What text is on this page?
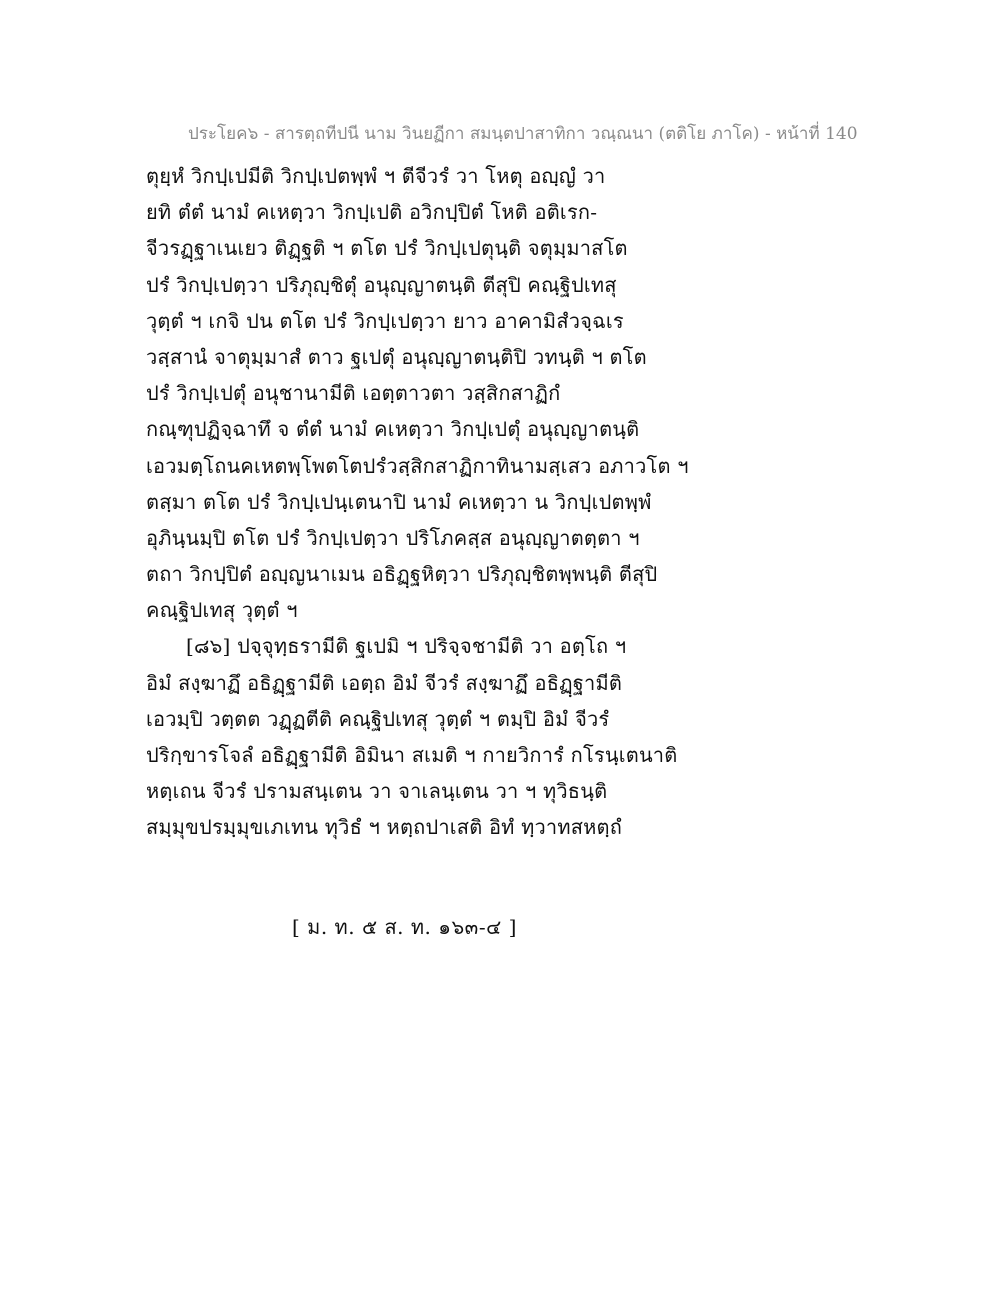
ประโยค๖ - สารตฺถทีปนี นาม วินยฏีกา สมนฺตปาสาทิกา วณฺณนา (ตติโย ภาโค) - หน้าที่ 140
ตุยฺหํ วิกปฺเปมีติ วิกปฺเปตพฺพํ ฯ ตีจีวรํ วา โหตุ อญฺญํ วา
ยทิ ตํตํ นามํ คเหตฺวา วิกปฺเปติ อวิกปฺปิตํ โหติ อติเรก-
จีวรฏฺฐาเนเยว ติฏฺฐติ ฯ ตโต ปรํ วิกปฺเปตุนฺติ จตุมฺมาสโต
ปรํ วิกปฺเปตฺวา ปริภุญฺชิตุํ อนุญฺญาตนฺติ ตีสุปิ คณฺฐิปเทสุ
วุตฺตํ ฯ เกจิ ปน ตโต ปรํ วิกปฺเปตฺวา ยาว อาคามิสํวจฺฉเร
วสฺสานํ จาตุมฺมาสํ ตาว ฐเปตุํ อนุญฺญาตนฺติปิ วทนฺติ ฯ ตโต
ปรํ วิกปฺเปตุํ อนุชานามีติ เอตฺตาวตา วสฺสิกสาฏิกํ
กณฺฑุปฏิจฺฉาทึ จ ตํตํ นามํ คเหตฺวา วิกปฺเปตุํ อนุญฺญาตนฺติ
เอวมตฺโถนคเหตพฺโพตโตปรํวสฺสิกสาฏิกาทินามสฺเสว อภาวโต ฯ
ตสฺมา ตโต ปรํ วิกปฺเปนฺเตนาปิ นามํ คเหตฺวา น วิกปฺเปตพฺพํ
อุภินฺนมฺปิ ตโต ปรํ วิกปฺเปตฺวา ปริโภคสฺส อนุญฺญาตตฺตา ฯ
ตถา วิกปฺปิตํ อญฺญนาเมน อธิฏฺฐหิตฺวา ปริภุญฺชิตพฺพนฺติ ตีสุปิ
คณฺฐิปเทสุ วุตฺตํ ฯ
[๘๖] ปจฺจุทฺธรามีติ ฐเปมิ ฯ ปริจฺจชามีติ วา อตฺโถ ฯ
อิมํ สงฺฆาฏึ อธิฏฺฐามีติ เอตฺถ อิมํ จีวรํ สงฺฆาฏึ อธิฏฺฐามีติ
เอวมฺปิ วตฺตต วฏฺฏตีติ คณฺฐิปเทสุ วุตฺตํ ฯ ตมฺปิ อิมํ จีวรํ
ปริกฺขารโจลํ อธิฏฺฐามีติ อิมินา สเมติ ฯ กายวิการํ กโรนฺเตนาติ
หตฺเถน จีวรํ ปรามสนฺเตน วา จาเลนฺเตน วา ฯ ทุวิธนฺติ
สมฺมุขปรมฺมุขเภเทน ทุวิธํ ฯ หตฺถปาเสติ อิทํ ทฺวาทสหตฺถํ
[ ม. ท. ๕ ส. ท. ๑๖๓-๔ ]
